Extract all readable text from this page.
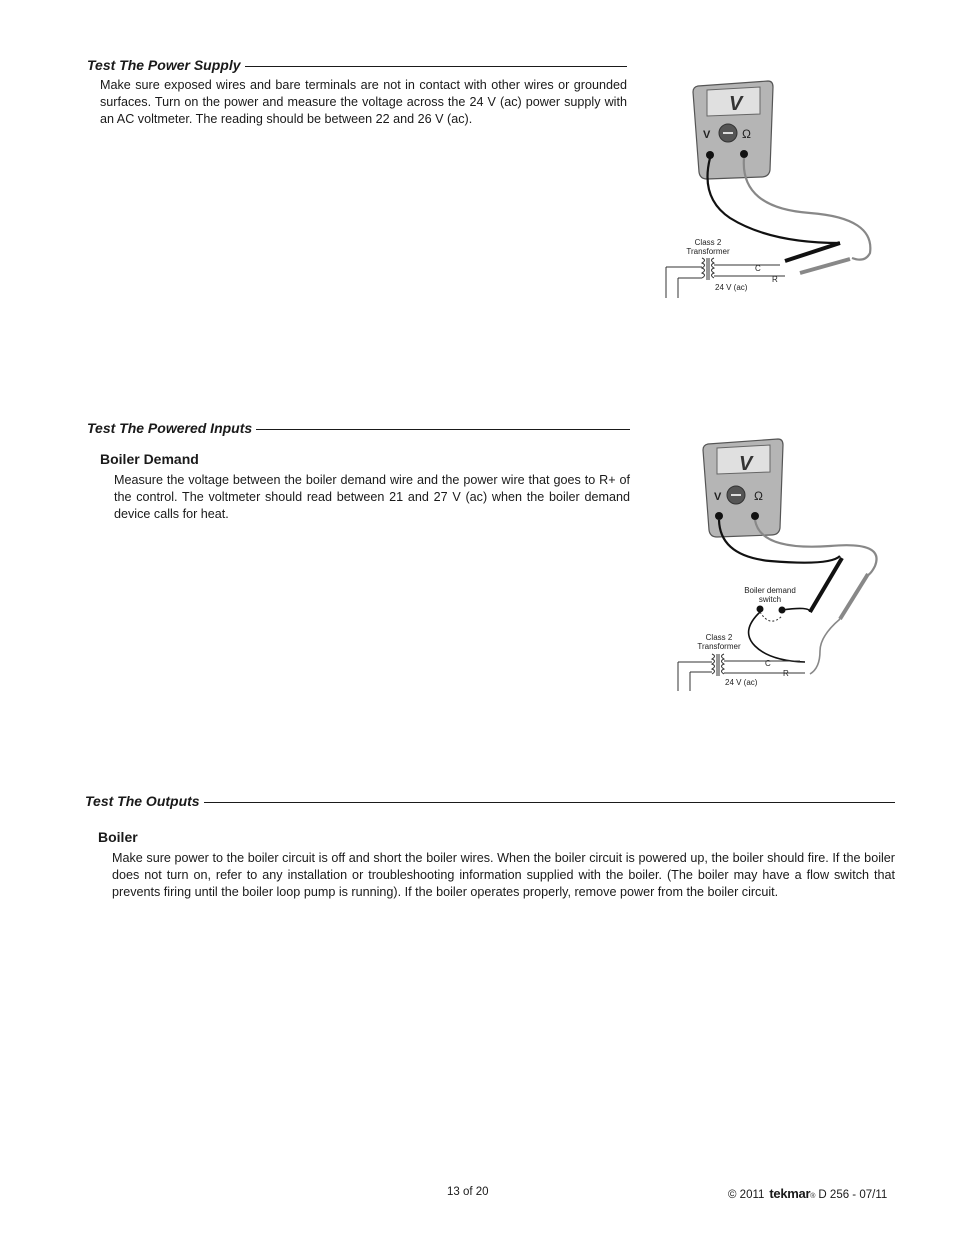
Test The Power Supply
Make sure exposed wires and bare terminals are not in contact with other wires or grounded surfaces. Turn on the power and measure the voltage across the 24 V (ac) power supply with an AC voltmeter. The reading should be between 22 and 26 V (ac).
V
V	Ω
Class 2
Transformer
C
R
24 V (ac)
Test The Powered Inputs
Boiler Demand
Measure the voltage between the boiler demand wire and the power wire that goes to R+ of the control. The voltmeter should read between 21 and 27 V (ac) when the boiler demand device calls for heat.
V
V	Ω
Boiler demand
switch
Class 2
Transformer
C
R
24 V (ac)
Test The Outputs
Boiler
Make sure power to the boiler circuit is off and short the boiler wires. When the boiler circuit is powered up, the boiler should fire. If the boiler does not turn on, refer to any installation or troubleshooting information supplied with the boiler. (The boiler may have a flow switch that prevents firing until the boiler loop pump is running). If the boiler operates properly, remove power from the boiler circuit.
13 of 20	© 2011 tekmar ® D 256 - 07/11
